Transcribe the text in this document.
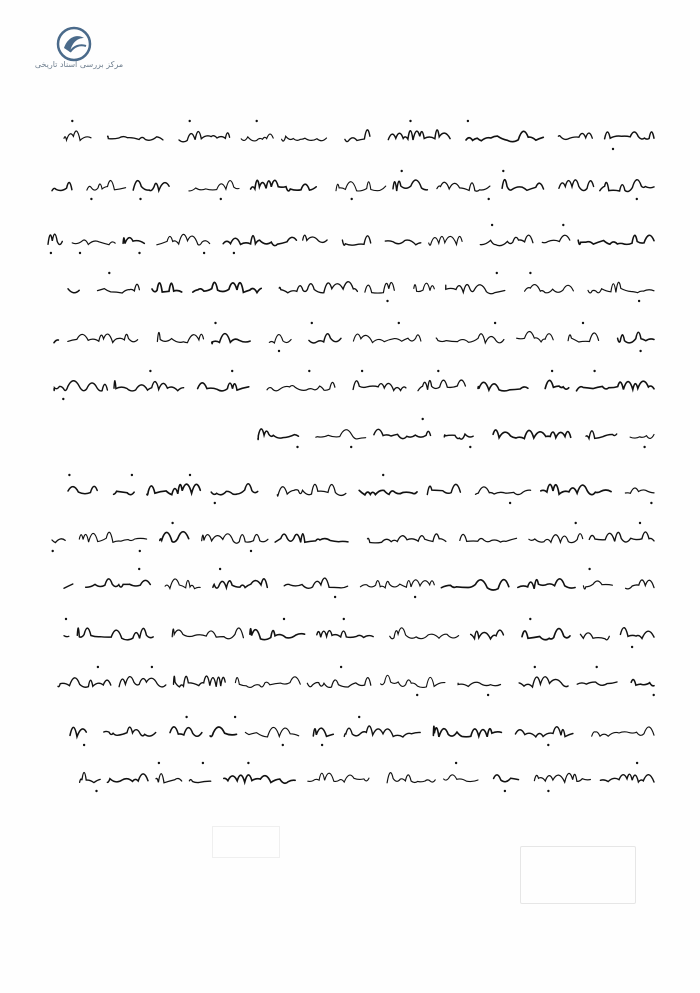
مرکز بررسی اسناد تاریخی
